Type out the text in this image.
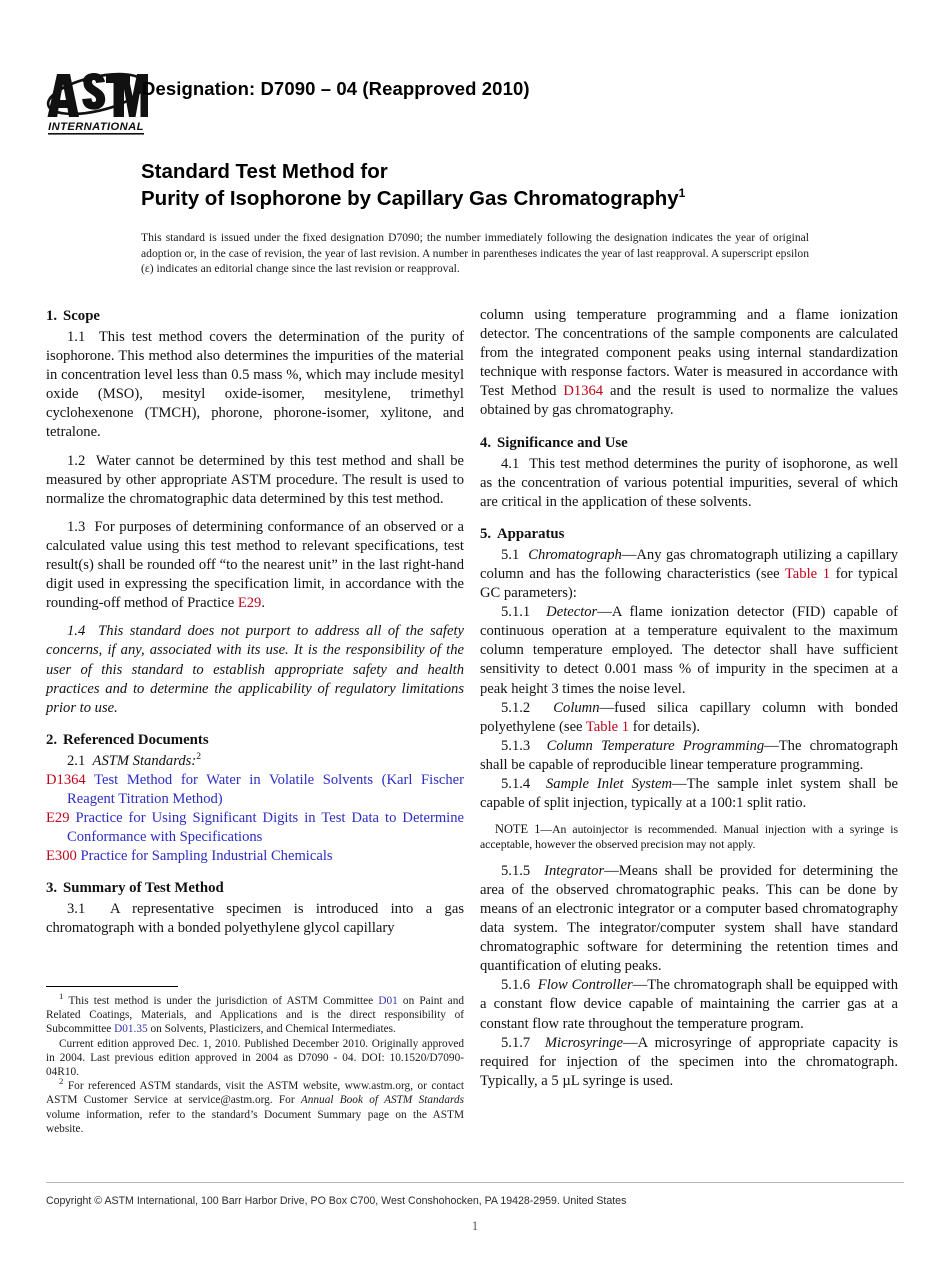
INTERNATIONAL
Designation: D7090 – 04 (Reapproved 2010)
Standard Test Method for
Purity of Isophorone by Capillary Gas Chromatography$^1$
This standard is issued under the fixed designation D7090; the number immediately following the designation indicates the year of original adoption or, in the case of revision, the year of last revision. A number in parentheses indicates the year of last reapproval. A superscript epsilon (ε) indicates an editorial change since the last revision or reapproval.
1. Scope

1.1 This test method covers the determination of the purity of isophorone. This method also determines the impurities of the material in concentration level less than 0.5 mass %, which may include mesityl oxide (MSO), mesityl oxide-isomer, mesitylene, trimethyl cyclohexenone (TMCH), phorone, phorone-isomer, xylitone, and tetralone.

1.2 Water cannot be determined by this test method and shall be measured by other appropriate ASTM procedure. The result is used to normalize the chromatographic data determined by this test method.

1.3 For purposes of determining conformance of an observed or a calculated value using this test method to relevant specifications, test result(s) shall be rounded off “to the nearest unit” in the last right-hand digit used in expressing the specification limit, in accordance with the rounding-off method of Practice E29.

1.4 This standard does not purport to address all of the safety concerns, if any, associated with its use. It is the responsibility of the user of this standard to establish appropriate safety and health practices and to determine the applicability of regulatory limitations prior to use.

2. Referenced Documents

2.1 ASTM Standards:$^2$

D1364 Test Method for Water in Volatile Solvents (Karl Fischer Reagent Titration Method)

E29 Practice for Using Significant Digits in Test Data to Determine Conformance with Specifications

E300 Practice for Sampling Industrial Chemicals

3. Summary of Test Method

3.1 A representative specimen is introduced into a gas chromatograph with a bonded polyethylene glycol capillary

column using temperature programming and a flame ionization detector. The concentrations of the sample components are calculated from the integrated component peaks using internal standardization technique with response factors. Water is measured in accordance with Test Method D1364 and the result is used to normalize the values obtained by gas chromatography.

4. Significance and Use

4.1 This test method determines the purity of isophorone, as well as the concentration of various potential impurities, several of which are critical in the application of these solvents.

5. Apparatus

5.1 Chromatograph—Any gas chromatograph utilizing a capillary column and has the following characteristics (see Table 1 for typical GC parameters):

5.1.1 Detector—A flame ionization detector (FID) capable of continuous operation at a temperature equivalent to the maximum column temperature employed. The detector shall have sufficient sensitivity to detect 0.001 mass % of impurity in the specimen at a peak height 3 times the noise level.

5.1.2 Column—fused silica capillary column with bonded polyethylene (see Table 1 for details).

5.1.3 Column Temperature Programming—The chromatograph shall be capable of reproducible linear temperature programming.

5.1.4 Sample Inlet System—The sample inlet system shall be capable of split injection, typically at a 100:1 split ratio.

NOTE 1—An autoinjector is recommended. Manual injection with a syringe is acceptable, however the observed precision may not apply.

5.1.5 Integrator—Means shall be provided for determining the area of the observed chromatographic peaks. This can be done by means of an electronic integrator or a computer based chromatography data system. The integrator/computer system shall have standard chromatographic software for determining the retention times and quantification of eluting peaks.

5.1.6 Flow Controller—The chromatograph shall be equipped with a constant flow device capable of maintaining the carrier gas at a constant flow rate throughout the temperature program.

5.1.7 Microsyringe—A microsyringe of appropriate capacity is required for injection of the specimen into the chromatograph. Typically, a 5 µL syringe is used.

$^1$ This test method is under the jurisdiction of ASTM Committee D01 on Paint and Related Coatings, Materials, and Applications and is the direct responsibility of Subcommittee D01.35 on Solvents, Plasticizers, and Chemical Intermediates.

Current edition approved Dec. 1, 2010. Published December 2010. Originally approved in 2004. Last previous edition approved in 2004 as D7090 - 04. DOI: 10.1520/D7090-04R10.

$^2$ For referenced ASTM standards, visit the ASTM website, www.astm.org, or contact ASTM Customer Service at service@astm.org. For Annual Book of ASTM Standards volume information, refer to the standard’s Document Summary page on the ASTM website.

Copyright © ASTM International, 100 Barr Harbor Drive, PO Box C700, West Conshohocken, PA 19428-2959. United States
1
